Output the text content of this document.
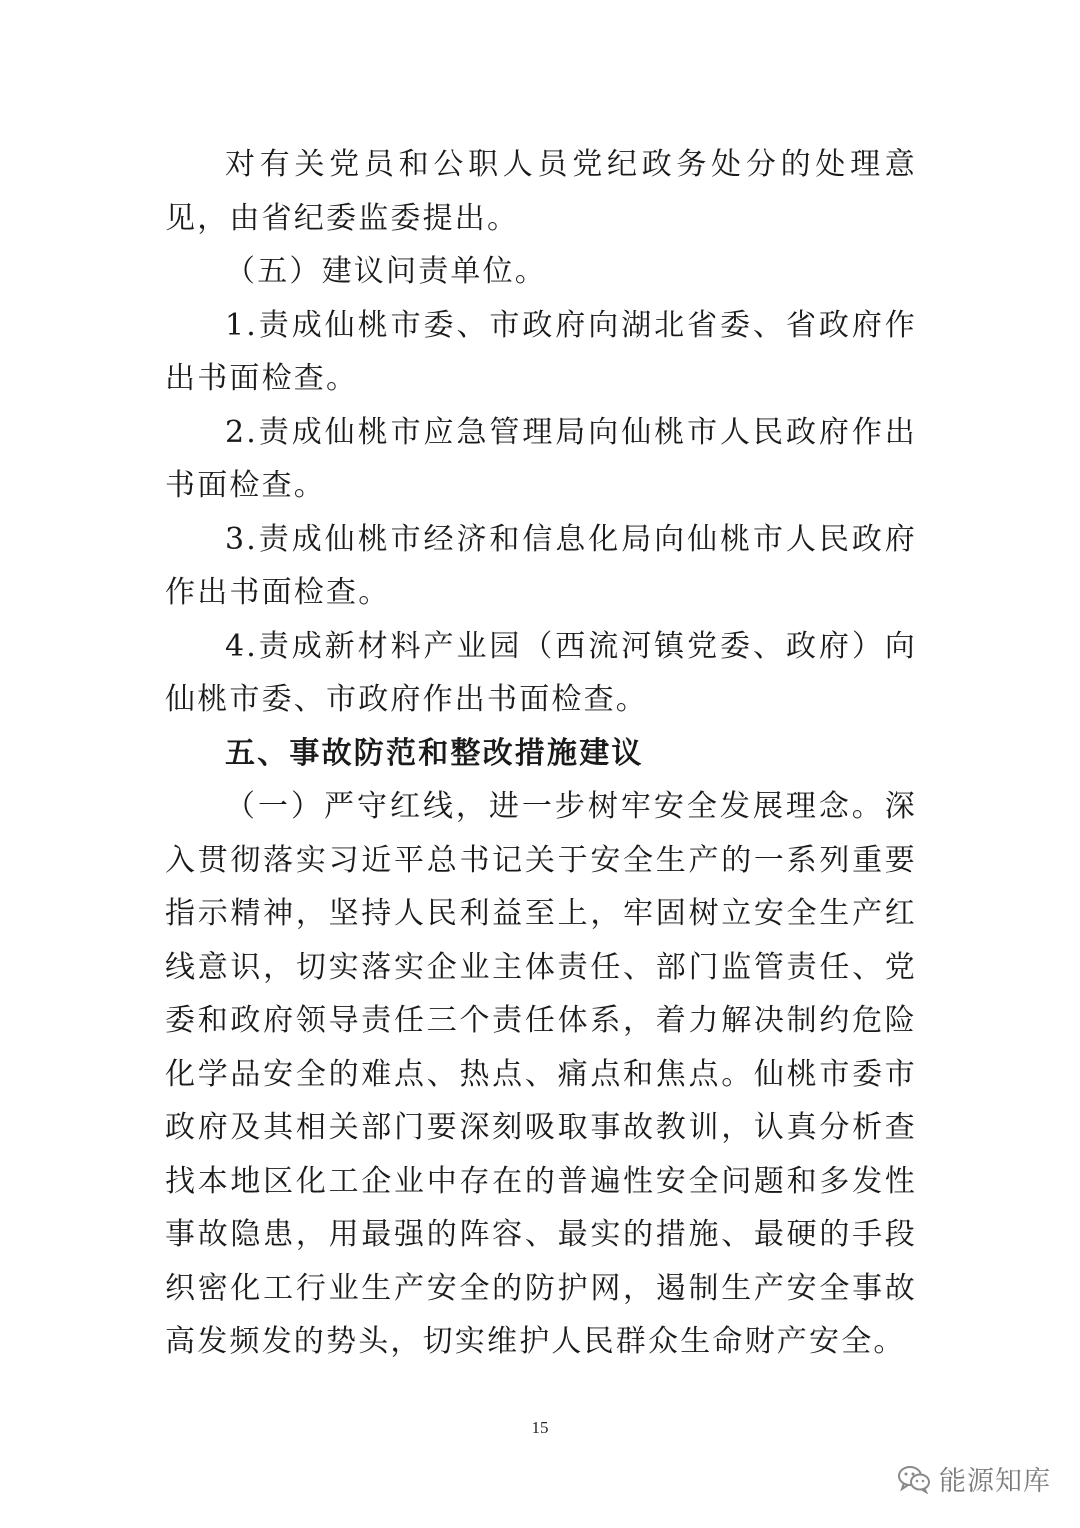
对有关党员和公职人员党纪政务处分的处理意见，由省纪委监委提出。

（五）建议问责单位。

1.责成仙桃市委、市政府向湖北省委、省政府作出书面检查。

2.责成仙桃市应急管理局向仙桃市人民政府作出书面检查。

3.责成仙桃市经济和信息化局向仙桃市人民政府作出书面检查。

4.责成新材料产业园（西流河镇党委、政府）向仙桃市委、市政府作出书面检查。

五、事故防范和整改措施建议

（一）严守红线，进一步树牢安全发展理念。深入贯彻落实习近平总书记关于安全生产的一系列重要指示精神，坚持人民利益至上，牢固树立安全生产红线意识，切实落实企业主体责任、部门监管责任、党委和政府领导责任三个责任体系，着力解决制约危险化学品安全的难点、热点、痛点和焦点。仙桃市委市政府及其相关部门要深刻吸取事故教训，认真分析查找本地区化工企业中存在的普遍性安全问题和多发性事故隐患，用最强的阵容、最实的措施、最硬的手段织密化工行业生产安全的防护网，遏制生产安全事故高发频发的势头，切实维护人民群众生命财产安全。

15
能源知库
